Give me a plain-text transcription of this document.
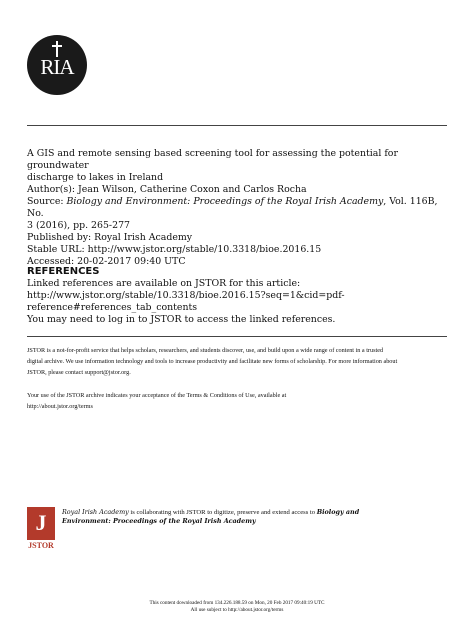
RIA

A GIS and remote sensing based screening tool for assessing the potential for groundwater

discharge to lakes in Ireland

Author(s): Jean Wilson, Catherine Coxon and Carlos Rocha

Source: Biology and Environment: Proceedings of the Royal Irish Academy, Vol. 116B, No.

3 (2016), pp. 265-277

Published by: Royal Irish Academy

Stable URL: http://www.jstor.org/stable/10.3318/bioe.2016.15

Accessed: 20-02-2017 09:40 UTC

REFERENCES

Linked references are available on JSTOR for this article:

http://www.jstor.org/stable/10.3318/bioe.2016.15?seq=1&cid=pdf-

reference#references_tab_contents

You may need to log in to JSTOR to access the linked references.

JSTOR is a not-for-profit service that helps scholars, researchers, and students discover, use, and build upon a wide range of content in a trusted

digital archive. We use information technology and tools to increase productivity and facilitate new forms of scholarship. For more information about

JSTOR, please contact support@jstor.org.

Your use of the JSTOR archive indicates your acceptance of the Terms & Conditions of Use, available at

http://about.jstor.org/terms

J
JSTOR
Royal Irish Academy is collaborating with JSTOR to digitize, preserve and extend access to Biology and
Environment: Proceedings of the Royal Irish Academy

This content downloaded from 134.226.188.59 on Mon, 20 Feb 2017 09:40:19 UTC

All use subject to http://about.jstor.org/terms
